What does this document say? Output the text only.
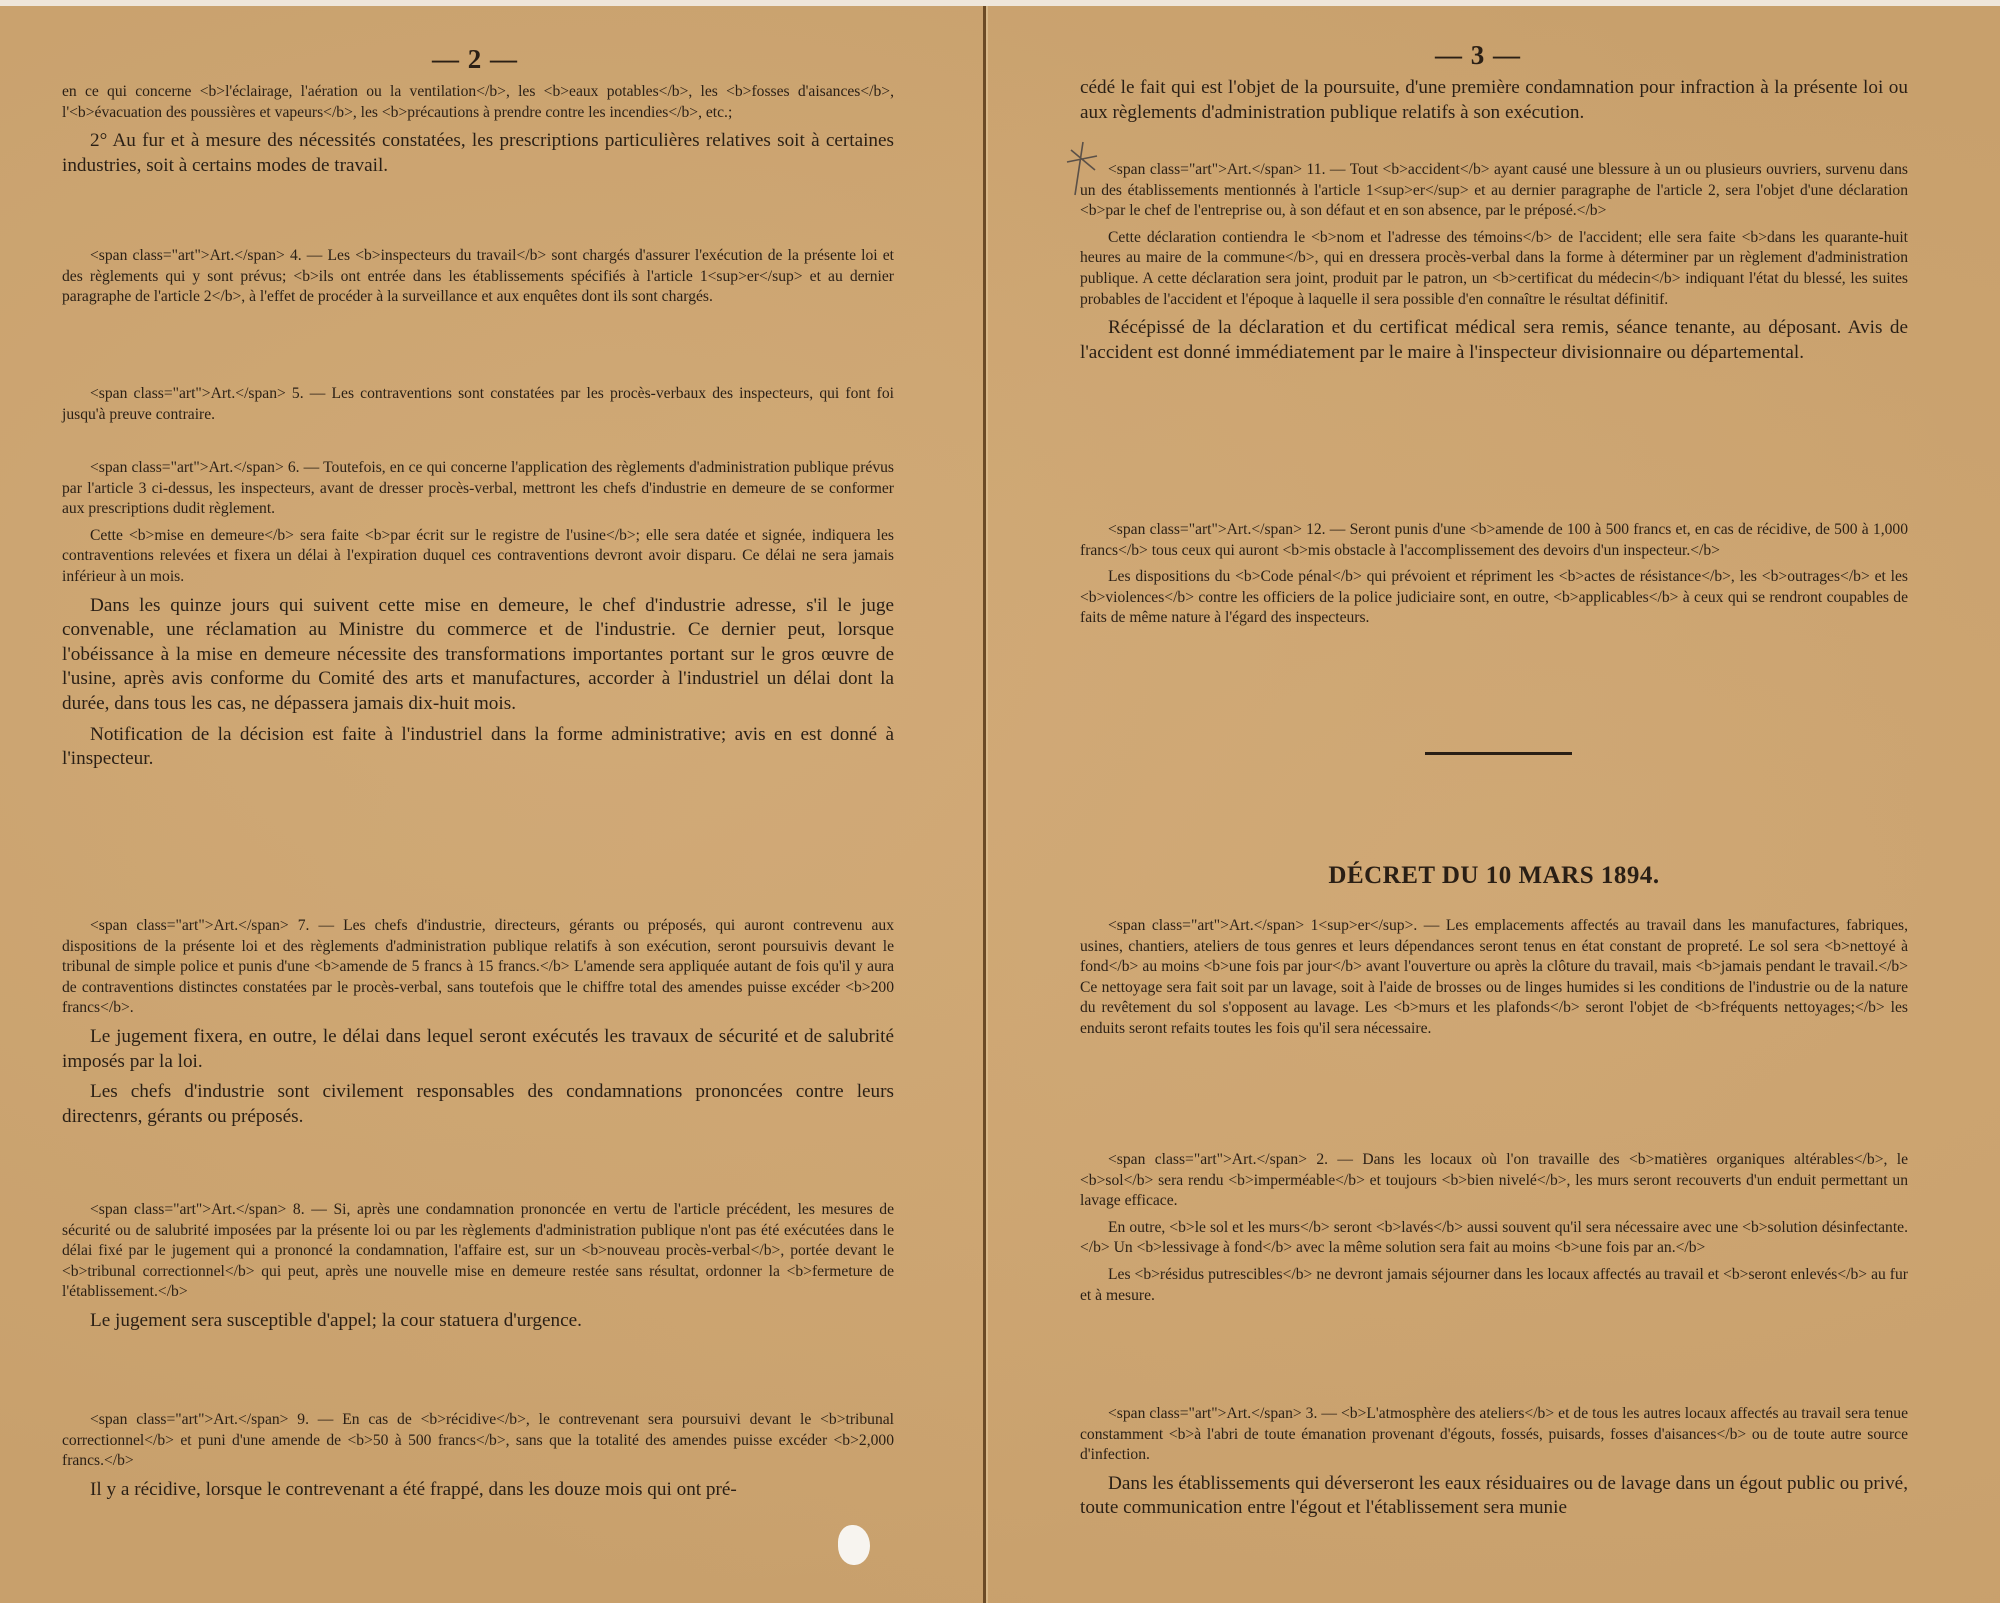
— 2 —

en ce qui concerne <b>l'éclairage, l'aération ou la ventilation</b>, les <b>eaux potables</b>, les <b>fosses d'aisances</b>, l'<b>évacuation des poussières et vapeurs</b>, les <b>précautions à prendre contre les incendies</b>, etc.;

2° Au fur et à mesure des nécessités constatées, les prescriptions particulières relatives soit à certaines industries, soit à certains modes de travail.

<span class="art">Art.</span> 4. — Les <b>inspecteurs du travail</b> sont chargés d'assurer l'exécution de la présente loi et des règlements qui y sont prévus; <b>ils ont entrée dans les établissements spécifiés à l'article 1<sup>er</sup> et au dernier paragraphe de l'article 2</b>, à l'effet de procéder à la surveillance et aux enquêtes dont ils sont chargés.

<span class="art">Art.</span> 5. — Les contraventions sont constatées par les procès-verbaux des inspecteurs, qui font foi jusqu'à preuve contraire.

<span class="art">Art.</span> 6. — Toutefois, en ce qui concerne l'application des règlements d'administration publique prévus par l'article 3 ci-dessus, les inspecteurs, avant de dresser procès-verbal, mettront les chefs d'industrie en demeure de se conformer aux prescriptions dudit règlement.

Cette <b>mise en demeure</b> sera faite <b>par écrit sur le registre de l'usine</b>; elle sera datée et signée, indiquera les contraventions relevées et fixera un délai à l'expiration duquel ces contraventions devront avoir disparu. Ce délai ne sera jamais inférieur à un mois.

Dans les quinze jours qui suivent cette mise en demeure, le chef d'industrie adresse, s'il le juge convenable, une réclamation au Ministre du commerce et de l'industrie. Ce dernier peut, lorsque l'obéissance à la mise en demeure nécessite des transformations importantes portant sur le gros œuvre de l'usine, après avis conforme du Comité des arts et manufactures, accorder à l'industriel un délai dont la durée, dans tous les cas, ne dépassera jamais dix-huit mois.

Notification de la décision est faite à l'industriel dans la forme administrative; avis en est donné à l'inspecteur.

<span class="art">Art.</span> 7. — Les chefs d'industrie, directeurs, gérants ou préposés, qui auront contrevenu aux dispositions de la présente loi et des règlements d'administration publique relatifs à son exécution, seront poursuivis devant le tribunal de simple police et punis d'une <b>amende de 5 francs à 15 francs.</b> L'amende sera appliquée autant de fois qu'il y aura de contraventions distinctes constatées par le procès-verbal, sans toutefois que le chiffre total des amendes puisse excéder <b>200 francs</b>.

Le jugement fixera, en outre, le délai dans lequel seront exécutés les travaux de sécurité et de salubrité imposés par la loi.

Les chefs d'industrie sont civilement responsables des condamnations prononcées contre leurs directenrs, gérants ou préposés.

<span class="art">Art.</span> 8. — Si, après une condamnation prononcée en vertu de l'article précédent, les mesures de sécurité ou de salubrité imposées par la présente loi ou par les règlements d'administration publique n'ont pas été exécutées dans le délai fixé par le jugement qui a prononcé la condamnation, l'affaire est, sur un <b>nouveau procès-verbal</b>, portée devant le <b>tribunal correctionnel</b> qui peut, après une nouvelle mise en demeure restée sans résultat, ordonner la <b>fermeture de l'établissement.</b>

Le jugement sera susceptible d'appel; la cour statuera d'urgence.

<span class="art">Art.</span> 9. — En cas de <b>récidive</b>, le contrevenant sera poursuivi devant le <b>tribunal correctionnel</b> et puni d'une amende de <b>50 à 500 francs</b>, sans que la totalité des amendes puisse excéder <b>2,000 francs.</b>

Il y a récidive, lorsque le contrevenant a été frappé, dans les douze mois qui ont pré-

— 3 —

cédé le fait qui est l'objet de la poursuite, d'une première condamnation pour infraction à la présente loi ou aux règlements d'administration publique relatifs à son exécution.

<span class="art">Art.</span> 11. — Tout <b>accident</b> ayant causé une blessure à un ou plusieurs ouvriers, survenu dans un des établissements mentionnés à l'article 1<sup>er</sup> et au dernier paragraphe de l'article 2, sera l'objet d'une déclaration <b>par le chef de l'entreprise ou, à son défaut et en son absence, par le préposé.</b>

Cette déclaration contiendra le <b>nom et l'adresse des témoins</b> de l'accident; elle sera faite <b>dans les quarante-huit heures au maire de la commune</b>, qui en dressera procès-verbal dans la forme à déterminer par un règlement d'administration publique. A cette déclaration sera joint, produit par le patron, un <b>certificat du médecin</b> indiquant l'état du blessé, les suites probables de l'accident et l'époque à laquelle il sera possible d'en connaître le résultat définitif.

Récépissé de la déclaration et du certificat médical sera remis, séance tenante, au déposant. Avis de l'accident est donné immédiatement par le maire à l'inspecteur divisionnaire ou départemental.

<span class="art">Art.</span> 12. — Seront punis d'une <b>amende de 100 à 500 francs et, en cas de récidive, de 500 à 1,000 francs</b> tous ceux qui auront <b>mis obstacle à l'accomplissement des devoirs d'un inspecteur.</b>

Les dispositions du <b>Code pénal</b> qui prévoient et répriment les <b>actes de résistance</b>, les <b>outrages</b> et les <b>violences</b> contre les officiers de la police judiciaire sont, en outre, <b>applicables</b> à ceux qui se rendront coupables de faits de même nature à l'égard des inspecteurs.

<span class="art">Art.</span> 1<sup>er</sup>. — Les emplacements affectés au travail dans les manufactures, fabriques, usines, chantiers, ateliers de tous genres et leurs dépendances seront tenus en état constant de propreté. Le sol sera <b>nettoyé à fond</b> au moins <b>une fois par jour</b> avant l'ouverture ou après la clôture du travail, mais <b>jamais pendant le travail.</b> Ce nettoyage sera fait soit par un lavage, soit à l'aide de brosses ou de linges humides si les conditions de l'industrie ou de la nature du revêtement du sol s'opposent au lavage. Les <b>murs et les plafonds</b> seront l'objet de <b>fréquents nettoyages;</b> les enduits seront refaits toutes les fois qu'il sera nécessaire.

<span class="art">Art.</span> 2. — Dans les locaux où l'on travaille des <b>matières organiques altérables</b>, le <b>sol</b> sera rendu <b>imperméable</b> et toujours <b>bien nivelé</b>, les murs seront recouverts d'un enduit permettant un lavage efficace.

En outre, <b>le sol et les murs</b> seront <b>lavés</b> aussi souvent qu'il sera nécessaire avec une <b>solution désinfectante.</b> Un <b>lessivage à fond</b> avec la même solution sera fait au moins <b>une fois par an.</b>

Les <b>résidus putrescibles</b> ne devront jamais séjourner dans les locaux affectés au travail et <b>seront enlevés</b> au fur et à mesure.

<span class="art">Art.</span> 3. — <b>L'atmosphère des ateliers</b> et de tous les autres locaux affectés au travail sera tenue constamment <b>à l'abri de toute émanation provenant d'égouts, fossés, puisards, fosses d'aisances</b> ou de toute autre source d'infection.

Dans les établissements qui déverseront les eaux résiduaires ou de lavage dans un égout public ou privé, toute communication entre l'égout et l'établissement sera munie

DÉCRET DU 10 MARS 1894.
